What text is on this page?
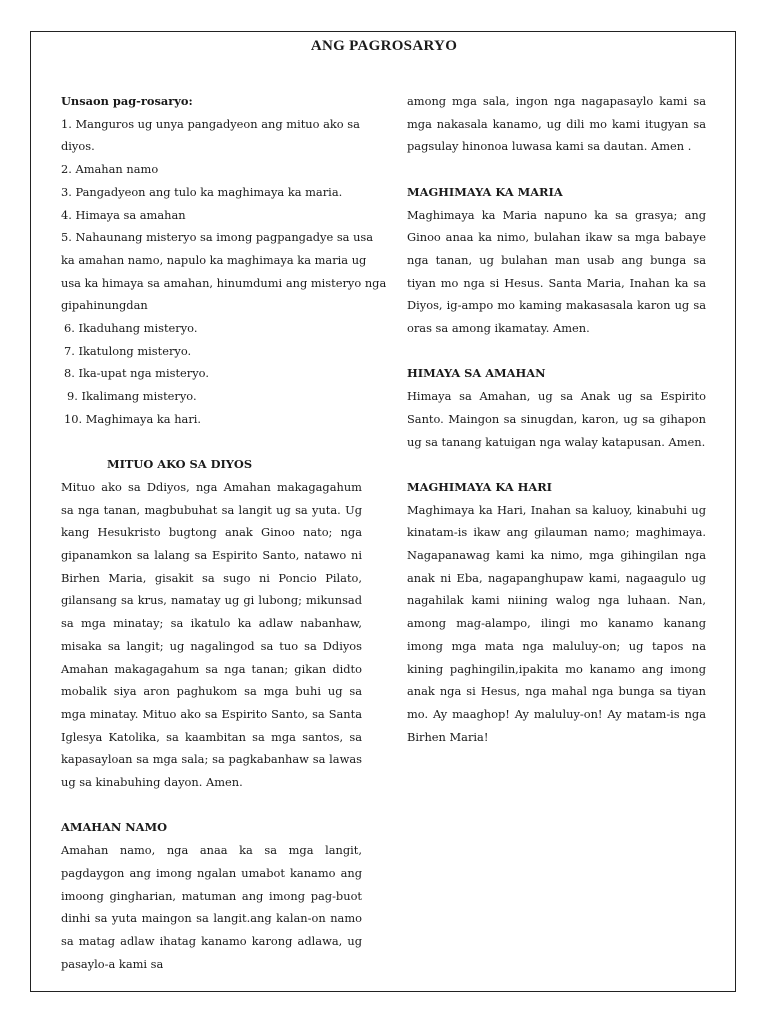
ANG PAGROSARYO
Unsaon pag-rosaryo:
1. Manguros ug unya pangadyeon ang mituo ako sa
diyos.
2. Amahan namo
3. Pangadyeon ang tulo ka maghimaya ka maria.
4. Himaya sa amahan
5. Nahaunang misteryo sa imong pagpangadye sa usa
ka amahan namo, napulo ka maghimaya ka maria ug
usa ka himaya sa amahan, hinumdumi ang misteryo nga
gipahinungdan
6. Ikaduhang misteryo.
7. Ikatulong misteryo.
8. Ika-upat nga misteryo.
9. Ikalimang misteryo.
10. Maghimaya ka hari.
MITUO AKO SA DIYOS

Mituo ako sa Ddiyos, nga Amahan makagagahum sa nga tanan, magbubuhat sa langit ug sa yuta. Ug kang Hesukristo bugtong anak Ginoo nato; nga gipanamkon sa lalang sa Espirito Santo, natawo ni Birhen Maria, gisakit sa sugo ni Poncio Pilato, gilansang sa krus, namatay ug gi lubong; mikunsad sa mga minatay; sa ikatulo ka adlaw nabanhaw, misaka sa langit; ug nagalingod sa tuo sa Ddiyos Amahan makagagahum sa nga tanan; gikan didto mobalik siya aron paghukom sa mga buhi ug sa mga minatay. Mituo ako sa Espirito Santo, sa Santa Iglesya Katolika, sa kaambitan sa mga santos, sa kapasayloan sa mga sala; sa pagkabanhaw sa lawas ug sa kinabuhing dayon. Amen.

AMAHAN NAMO

Amahan namo, nga anaa ka sa mga langit, pagdaygon ang imong ngalan umabot kanamo ang imoong gingharian, matuman ang imong pag-buot dinhi sa yuta maingon sa langit.ang kalan-on namo sa matag adlaw ihatag kanamo karong adlawa, ug pasaylo-a kami sa

among mga sala, ingon nga nagapasaylo kami sa mga nakasala kanamo, ug dili mo kami itugyan sa pagsulay hinonoa luwasa kami sa dautan. Amen .

MAGHIMAYA KA MARIA

Maghimaya ka Maria napuno ka sa grasya; ang Ginoo anaa ka nimo, bulahan ikaw sa mga babaye nga tanan, ug bulahan man usab ang bunga sa tiyan mo nga si Hesus. Santa Maria, Inahan ka sa Diyos, ig-ampo mo kaming makasasala karon ug sa oras sa among ikamatay. Amen.

HIMAYA SA AMAHAN

Himaya sa Amahan, ug sa Anak ug sa Espirito Santo. Maingon sa sinugdan, karon, ug sa gihapon ug sa tanang katuigan nga walay katapusan. Amen.

MAGHIMAYA KA HARI

Maghimaya ka Hari, Inahan sa kaluoy, kinabuhi ug kinatam-is ikaw ang gilauman namo; maghimaya. Nagapanawag kami ka nimo, mga gihingilan nga anak ni Eba, nagapanghupaw kami, nagaagulo ug nagahilak kami niining walog nga luhaan. Nan, among mag-alampo, ilingi mo kanamo kanang imong mga mata nga maluluy-on; ug tapos na kining paghingilin,ipakita mo kanamo ang imong anak nga si Hesus, nga mahal nga bunga sa tiyan mo. Ay maaghop! Ay maluluy-on! Ay matam-is nga Birhen Maria!
